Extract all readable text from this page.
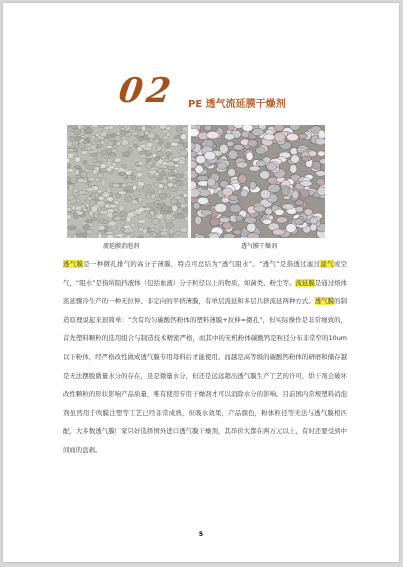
02 PE 透气流延膜干燥剂
流延膜消泡剂	透气膜干燥剂

透气膜是一种微孔排气的高分子薄膜，特点可总结为“透气阻水”。“透气”是指透过滤过湿气或空气，“阻水”是指所阻挡液体（包括血液）分子粒径以上的物质，如菌类、粉尘等。流延膜是通过熔体流延骤冷生产的一种无拉伸、非定向的平挤薄膜，有单层流延和多层共挤流延两种方式。透气膜的制造原理说起来很简单：“含有均匀碳酸钙粉体的塑料薄膜+拉伸=微孔”，但实际操作是非常细致的，首先塑料颗粒的选用组合与制造技术精密严格，而其中的无机粉体碳酸钙是粒径分布非常窄的10um以下粉体，经严格改性做成透气膜专用母料后才能使用。而越是高等级的碳酸钙粉体的研磨和储存越是无法摆脱微量水分的存在，虽是微量水分，但还是远远超出透气膜生产工艺的许可，烘干剂会破坏改性颗粒的形状影响产品质量，唯有使用专用干燥剂才可以消除水分的影响。目前国内常规塑料消泡剂虽然用于吹膜注塑等工艺已经非常成熟，但吸水效果，产品颜色，粉体粒径等无法与透气膜相匹配，大多数透气膜厂家只好选择国外进口透气膜干燥剂，其昂价大都在两万元以上，有时还要受到中间商的盘剥。

5
